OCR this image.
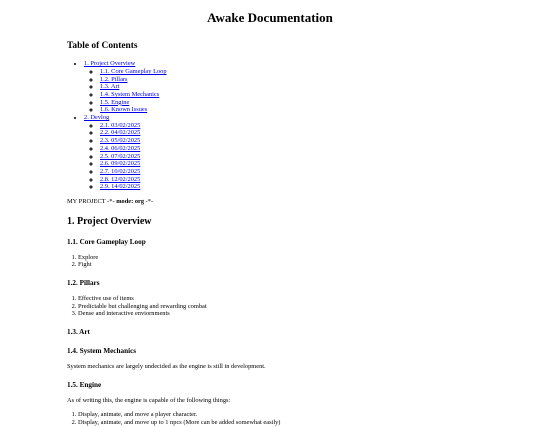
Awake Documentation
Table of Contents
• 1. Project Overview
◦ 1.1. Core Gameplay Loop
◦ 1.2. Pillars
◦ 1.3. Art
◦ 1.4. System Mechanics
◦ 1.5. Engine
◦ 1.6. Known Issues
• 2. Devlog
◦ 2.1. 03/02/2025
◦ 2.2. 04/02/2025
◦ 2.3. 05/02/2025
◦ 2.4. 06/02/2025
◦ 2.5. 07/02/2025
◦ 2.6. 09/02/2025
◦ 2.7. 10/02/2025
◦ 2.8. 12/02/2025
◦ 2.9. 14/02/2025

MY PROJECT -*- mode: org -*-

1. Project Overview
1.1. Core Gameplay Loop
1. Explore
2. Fight
1.2. Pillars
1. Effective use of items
2. Predictable but challenging and rewarding combat
3. Dense and interactive enviornments
1.3. Art
1.4. System Mechanics

System mechanics are largely undecided as the engine is still in development.

1.5. Engine

As of writing this, the engine is capable of the following things:

1. Display, animate, and move a player character.
2. Display, animate, and move up to 1 npcs (More can be added somewhat easily)
